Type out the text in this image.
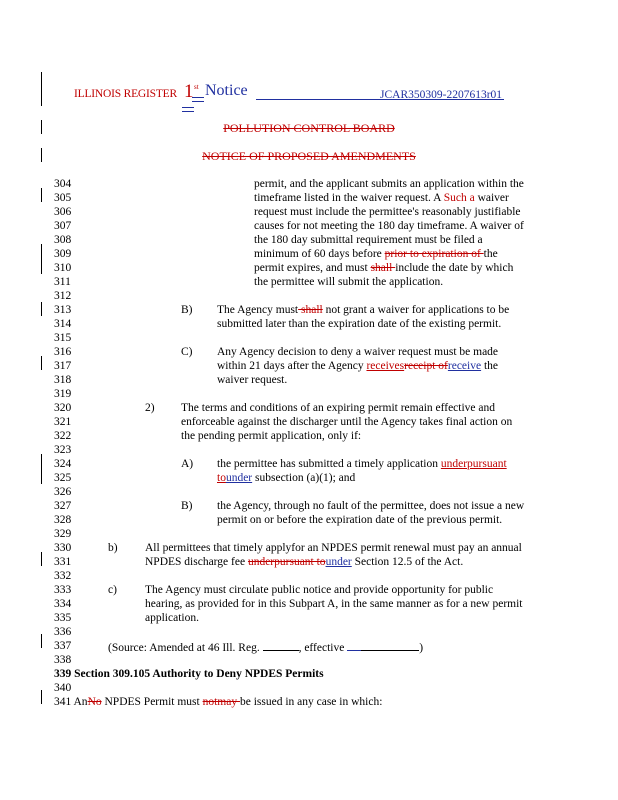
ILLINOIS REGISTER 1 st Notice	JCAR350309-2207613r01
POLLUTION CONTROL BOARD
NOTICE OF PROPOSED AMENDMENTS
304
305
306
307
308
309
310
311
312
313
314
315
316
317
318
319
320
321
322
323
324
325
326
327
328
329
330
331
332
333
334
335
336
337
338
permit, and the applicant submits an application within the
timeframe listed in the waiver request. A Such a waiver
request must include the permittee's reasonably justifiable
causes for not meeting the 180 day timeframe. A waiver of
the 180 day submittal requirement must be filed a
minimum of 60 days before prior to expiration of the
permit expires, and must shall include the date by which
the permittee will submit the application.
B) The Agency must shall not grant a waiver for applications to be
submitted later than the expiration date of the existing permit.
C) Any Agency decision to deny a waiver request must be made
within 21 days after the Agency receivesreceipt ofreceive the
waiver request.
2) The terms and conditions of an expiring permit remain effective and
enforceable against the discharger until the Agency takes final action on
the pending permit application, only if:
A) the permittee has submitted a timely application underpursuant
tounder subsection (a)(1); and
B) the Agency, through no fault of the permittee, does not issue a new
permit on or before the expiration date of the previous permit.
b) All permittees that timely applyfor an NPDES permit renewal must pay an annual
NPDES discharge fee underpursuant tounder Section 12.5 of the Act.
c) The Agency must circulate public notice and provide opportunity for public
hearing, as provided for in this Subpart A, in the same manner as for a new permit
application.
(Source: Amended at 46 Ill. Reg.	, effective	)
339 Section 309.105 Authority to Deny NPDES Permits
340
341 AnNo NPDES Permit must notmay be issued in any case in which:
